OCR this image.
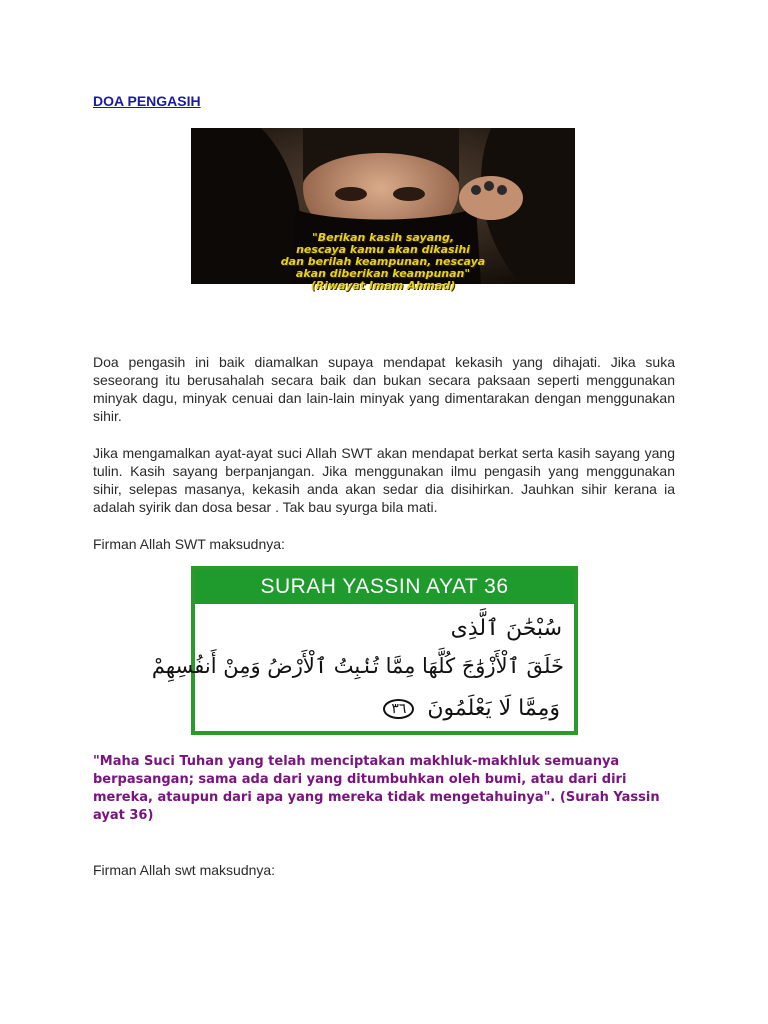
DOA PENGASIH
"Berikan kasih sayang,
nescaya kamu akan dikasihi
dan berilah keampunan, nescaya
akan diberikan keampunan"
(Riwayat Imam Ahmad)

Doa pengasih ini baik diamalkan supaya mendapat kekasih yang dihajati. Jika suka seseorang itu berusahalah secara baik dan bukan secara paksaan seperti menggunakan minyak dagu, minyak cenuai dan lain-lain minyak yang dimentarakan dengan menggunakan sihir.

Jika mengamalkan ayat-ayat suci Allah SWT akan mendapat berkat serta kasih sayang yang tulin. Kasih sayang berpanjangan. Jika menggunakan ilmu pengasih yang menggunakan sihir, selepas masanya, kekasih anda akan sedar dia disihirkan. Jauhkan sihir kerana ia adalah syirik dan dosa besar . Tak bau syurga bila mati.

Firman Allah SWT maksudnya:

SURAH YASSIN AYAT 36
سُبْحَٰنَ ٱلَّذِى
خَلَقَ ٱلْأَزْوَٰجَ كُلَّهَا مِمَّا تُنۢبِتُ ٱلْأَرْضُ وَمِنْ أَنفُسِهِمْ
وَمِمَّا لَا يَعْلَمُونَ ٣٦

"Maha Suci Tuhan yang telah menciptakan makhluk-makhluk semuanya berpasangan; sama ada dari yang ditumbuhkan oleh bumi, atau dari diri mereka, ataupun dari apa yang mereka tidak mengetahuinya". (Surah Yassin ayat 36)

Firman Allah swt maksudnya:
